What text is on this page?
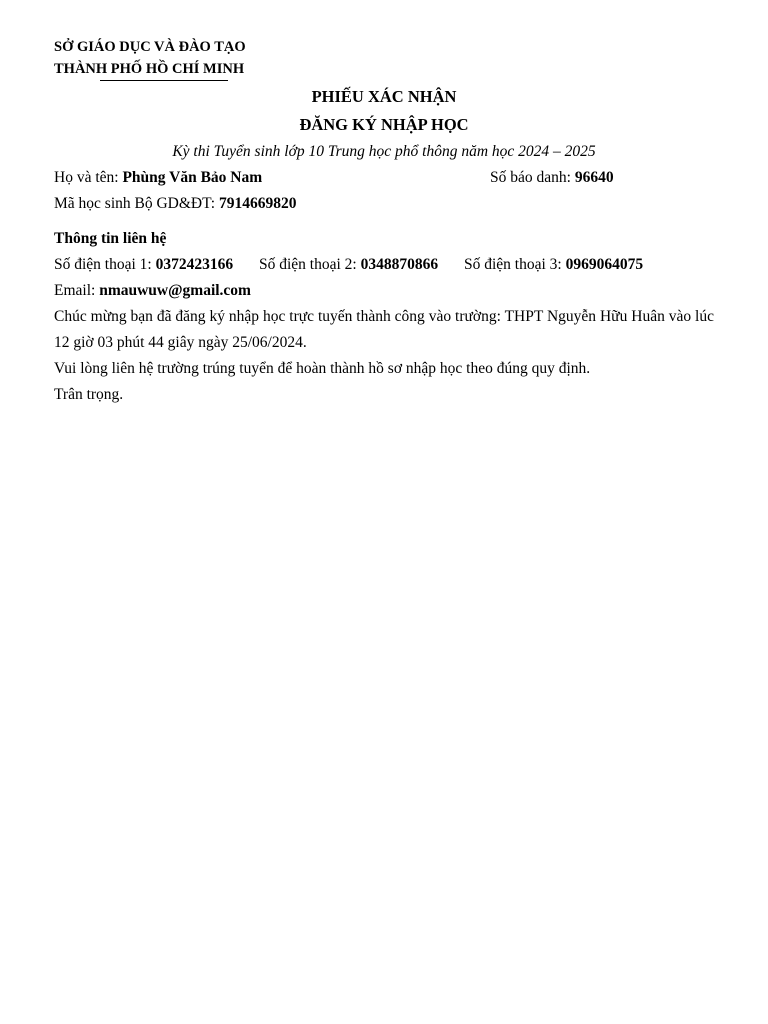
SỞ GIÁO DỤC VÀ ĐÀO TẠO
THÀNH PHỐ HỒ CHÍ MINH
PHIẾU XÁC NHẬN
ĐĂNG KÝ NHẬP HỌC
Kỳ thi Tuyển sinh lớp 10 Trung học phổ thông năm học 2024 – 2025
Họ và tên: Phùng Văn Bảo Nam	Số báo danh: 96640
Mã học sinh Bộ GD&ĐT: 7914669820
Thông tin liên hệ
Số điện thoại 1: 0372423166 Số điện thoại 2: 0348870866 Số điện thoại 3: 0969064075
Email: nmauwuw@gmail.com
Chúc mừng bạn đã đăng ký nhập học trực tuyến thành công vào trường: THPT Nguyễn Hữu Huân vào lúc 12 giờ 03 phút 44 giây ngày 25/06/2024.
Vui lòng liên hệ trường trúng tuyển để hoàn thành hồ sơ nhập học theo đúng quy định.
Trân trọng.
